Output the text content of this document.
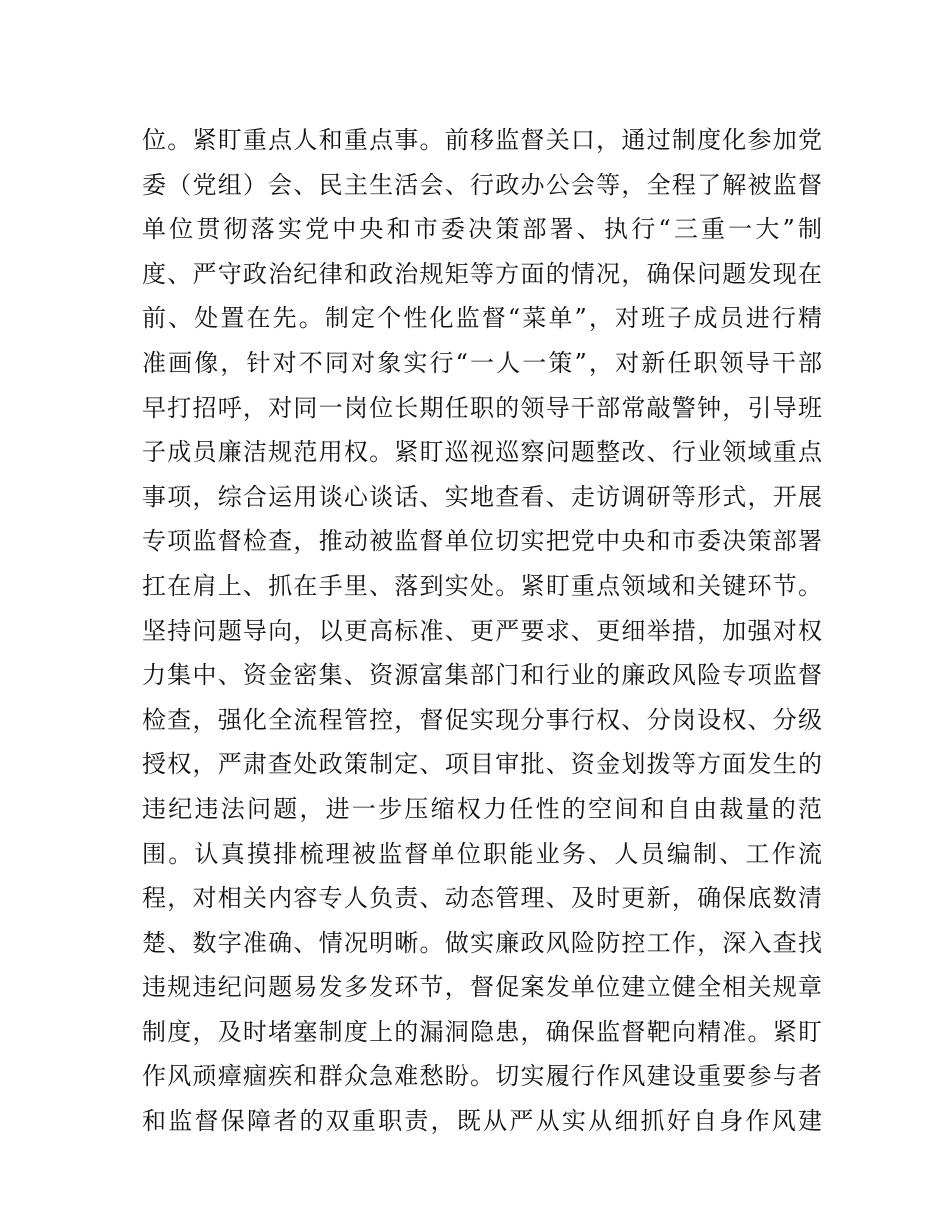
位。紧盯重点人和重点事。前移监督关口，通过制度化参加党
委（党组）会、民主生活会、行政办公会等，全程了解被监督
单位贯彻落实党中央和市委决策部署、执行“三重一大”制
度、严守政治纪律和政治规矩等方面的情况，确保问题发现在
前、处置在先。制定个性化监督“菜单”，对班子成员进行精
准画像，针对不同对象实行“一人一策”，对新任职领导干部
早打招呼，对同一岗位长期任职的领导干部常敲警钟，引导班
子成员廉洁规范用权。紧盯巡视巡察问题整改、行业领域重点
事项，综合运用谈心谈话、实地查看、走访调研等形式，开展
专项监督检查，推动被监督单位切实把党中央和市委决策部署
扛在肩上、抓在手里、落到实处。紧盯重点领域和关键环节。
坚持问题导向，以更高标准、更严要求、更细举措，加强对权
力集中、资金密集、资源富集部门和行业的廉政风险专项监督
检查，强化全流程管控，督促实现分事行权、分岗设权、分级
授权，严肃查处政策制定、项目审批、资金划拨等方面发生的
违纪违法问题，进一步压缩权力任性的空间和自由裁量的范
围。认真摸排梳理被监督单位职能业务、人员编制、工作流
程，对相关内容专人负责、动态管理、及时更新，确保底数清
楚、数字准确、情况明晰。做实廉政风险防控工作，深入查找
违规违纪问题易发多发环节，督促案发单位建立健全相关规章
制度，及时堵塞制度上的漏洞隐患，确保监督靶向精准。紧盯
作风顽瘴痼疾和群众急难愁盼。切实履行作风建设重要参与者
和监督保障者的双重职责，既从严从实从细抓好自身作风建
